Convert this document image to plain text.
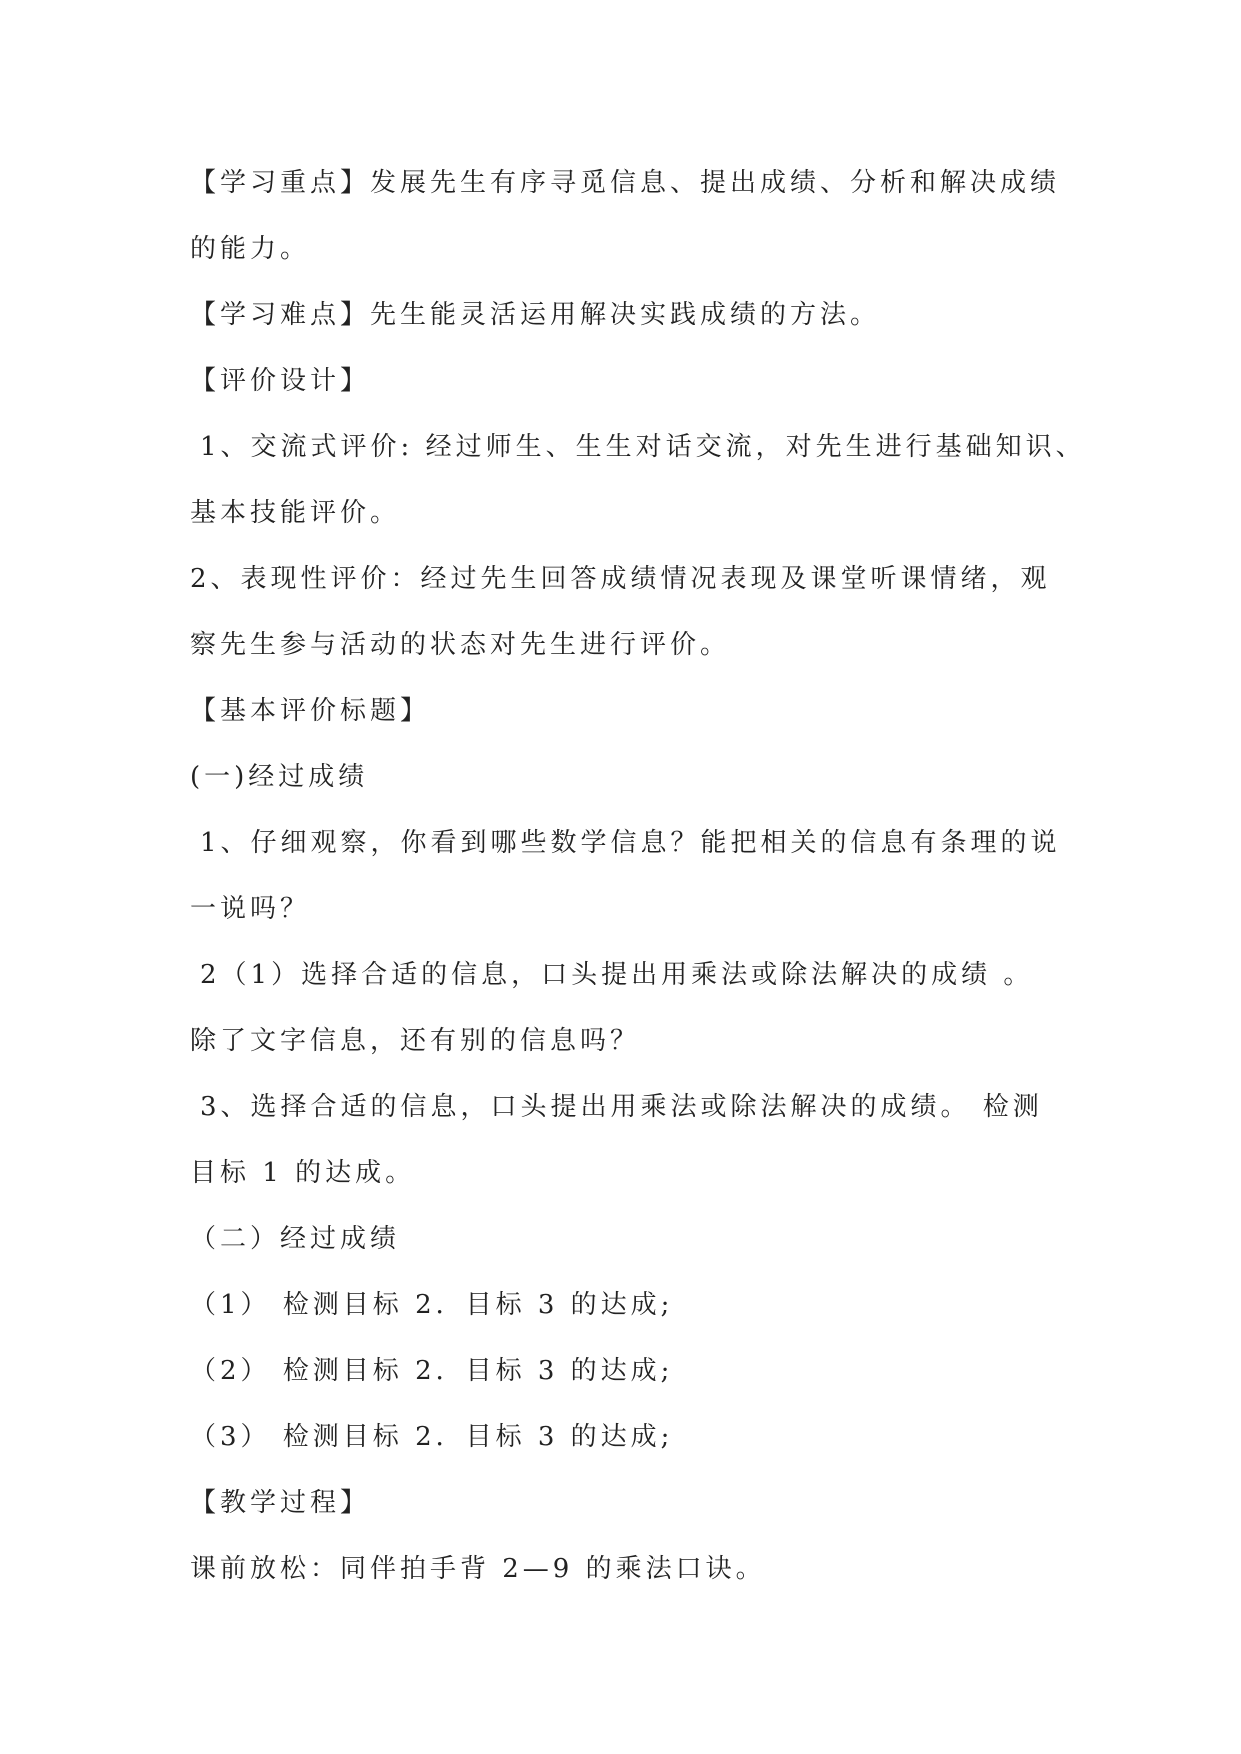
【学习重点】发展先生有序寻觅信息、提出成绩、分析和解决成绩
的能力。
【学习难点】先生能灵活运用解决实践成绩的方法。
【评价设计】
1、交流式评价: 经过师生、生生对话交流，对先生进行基础知识、
基本技能评价。
2、表现性评价：经过先生回答成绩情况表现及课堂听课情绪，观
察先生参与活动的状态对先生进行评价。
【基本评价标题】
(一)经过成绩
1、仔细观察，你看到哪些数学信息？能把相关的信息有条理的说
一说吗？
2（1）选择合适的信息，口头提出用乘法或除法解决的成绩 。
除了文字信息，还有别的信息吗？
3、选择合适的信息，口头提出用乘法或除法解决的成绩。 检测
目标 1 的达成。
（二）经过成绩
（1） 检测目标 2．目标 3 的达成;
（2） 检测目标 2．目标 3 的达成;
（3） 检测目标 2．目标 3 的达成;
【教学过程】
课前放松：同伴拍手背 2—9 的乘法口诀。
